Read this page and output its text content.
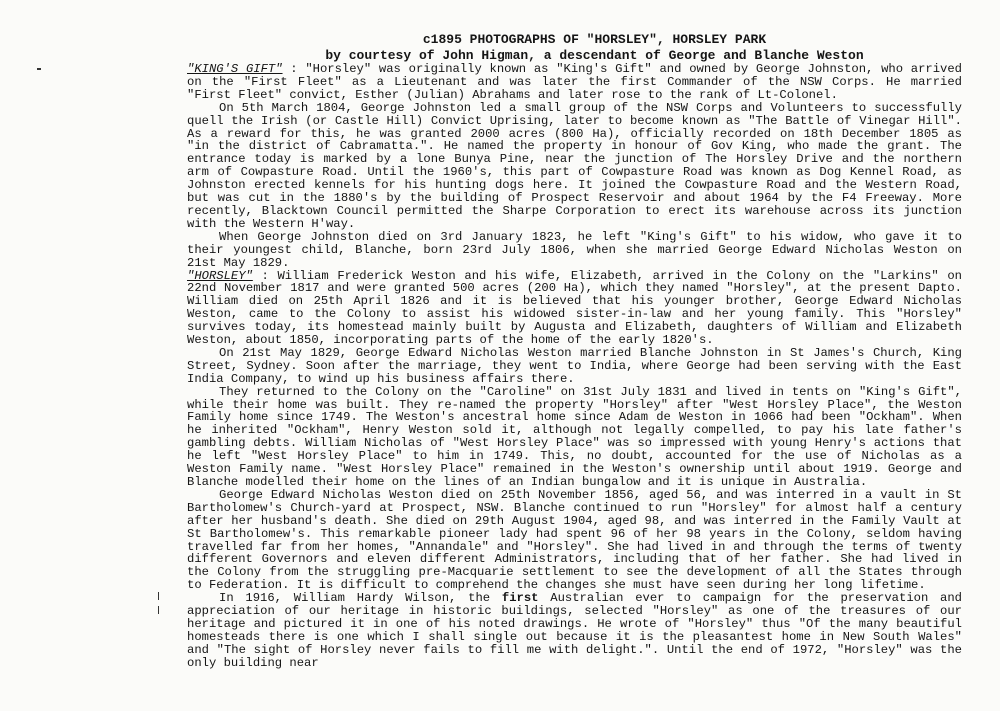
c1895 PHOTOGRAPHS OF "HORSLEY", HORSLEY PARK
by courtesy of John Higman, a descendant of George and Blanche Weston

"KING'S GIFT" : "Horsley" was originally known as "King's Gift" and owned by George Johnston, who arrived on the "First Fleet" as a Lieutenant and was later the first Commander of the NSW Corps. He married "First Fleet" convict, Esther (Julian) Abrahams and later rose to the rank of Lt-Colonel.

On 5th March 1804, George Johnston led a small group of the NSW Corps and Volunteers to successfully quell the Irish (or Castle Hill) Convict Uprising, later to become known as "The Battle of Vinegar Hill". As a reward for this, he was granted 2000 acres (800 Ha), officially recorded on 18th December 1805 as "in the district of Cabramatta.". He named the property in honour of Gov King, who made the grant. The entrance today is marked by a lone Bunya Pine, near the junction of The Horsley Drive and the northern arm of Cowpasture Road. Until the 1960's, this part of Cowpasture Road was known as Dog Kennel Road, as Johnston erected kennels for his hunting dogs here. It joined the Cowpasture Road and the Western Road, but was cut in the 1880's by the building of Prospect Reservoir and about 1964 by the F4 Freeway. More recently, Blacktown Council permitted the Sharpe Corporation to erect its warehouse across its junction with the Western H'way.

When George Johnston died on 3rd January 1823, he left "King's Gift" to his widow, who gave it to their youngest child, Blanche, born 23rd July 1806, when she married George Edward Nicholas Weston on 21st May 1829.

"HORSLEY" : William Frederick Weston and his wife, Elizabeth, arrived in the Colony on the "Larkins" on 22nd November 1817 and were granted 500 acres (200 Ha), which they named "Horsley", at the present Dapto. William died on 25th April 1826 and it is believed that his younger brother, George Edward Nicholas Weston, came to the Colony to assist his widowed sister-in-law and her young family. This "Horsley" survives today, its homestead mainly built by Augusta and Elizabeth, daughters of William and Elizabeth Weston, about 1850, incorporating parts of the home of the early 1820's.

On 21st May 1829, George Edward Nicholas Weston married Blanche Johnston in St James's Church, King Street, Sydney. Soon after the marriage, they went to India, where George had been serving with the East India Company, to wind up his business affairs there.

They returned to the Colony on the "Caroline" on 31st July 1831 and lived in tents on "King's Gift", while their home was built. They re-named the property "Horsley" after "West Horsley Place", the Weston Family home since 1749. The Weston's ancestral home since Adam de Weston in 1066 had been "Ockham". When he inherited "Ockham", Henry Weston sold it, although not legally compelled, to pay his late father's gambling debts. William Nicholas of "West Horsley Place" was so impressed with young Henry's actions that he left "West Horsley Place" to him in 1749. This, no doubt, accounted for the use of Nicholas as a Weston Family name. "West Horsley Place" remained in the Weston's ownership until about 1919. George and Blanche modelled their home on the lines of an Indian bungalow and it is unique in Australia.

George Edward Nicholas Weston died on 25th November 1856, aged 56, and was interred in a vault in St Bartholomew's Church-yard at Prospect, NSW. Blanche continued to run "Horsley" for almost half a century after her husband's death. She died on 29th August 1904, aged 98, and was interred in the Family Vault at St Bartholomew's. This remarkable pioneer lady had spent 96 of her 98 years in the Colony, seldom having travelled far from her homes, "Annandale" and "Horsley". She had lived in and through the terms of twenty different Governors and eleven different Administrators, including that of her father. She had lived in the Colony from the struggling pre-Macquarie settlement to see the development of all the States through to Federation. It is difficult to comprehend the changes she must have seen during her long lifetime.

In 1916, William Hardy Wilson, the first Australian ever to campaign for the preservation and appreciation of our heritage in historic buildings, selected "Horsley" as one of the treasures of our heritage and pictured it in one of his noted drawings. He wrote of "Horsley" thus "Of the many beautiful homesteads there is one which I shall single out because it is the pleasantest home in New South Wales" and "The sight of Horsley never fails to fill me with delight.". Until the end of 1972, "Horsley" was the only building near
